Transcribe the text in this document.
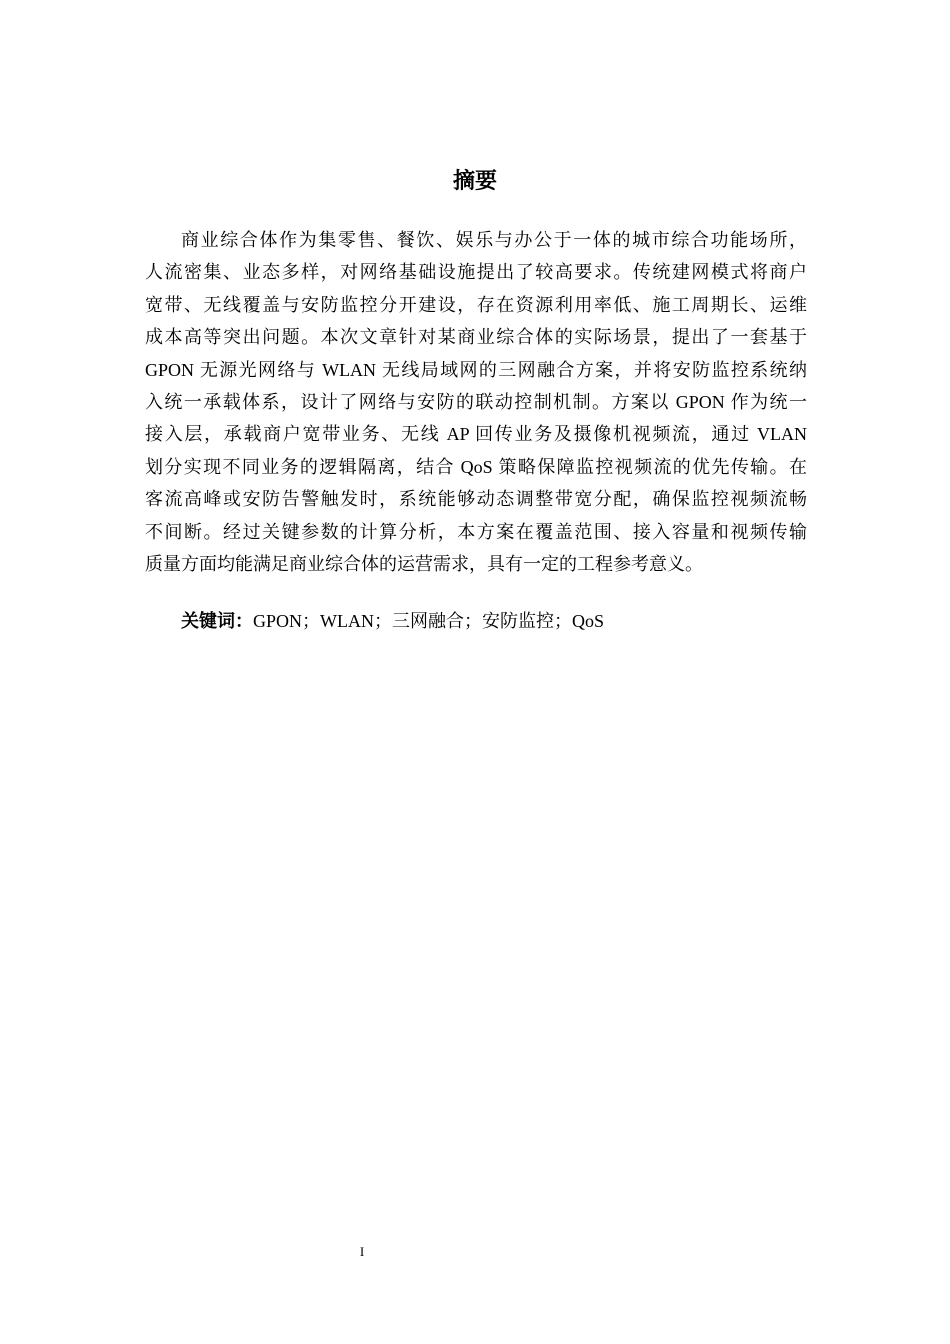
摘要
商业综合体作为集零售、餐饮、娱乐与办公于一体的城市综合功能场所，
人流密集、业态多样，对网络基础设施提出了较高要求。传统建网模式将商户
宽带、无线覆盖与安防监控分开建设，存在资源利用率低、施工周期长、运维
成本高等突出问题。本次文章针对某商业综合体的实际场景，提出了一套基于
GPON 无源光网络与 WLAN 无线局域网的三网融合方案，并将安防监控系统纳
入统一承载体系，设计了网络与安防的联动控制机制。方案以 GPON 作为统一
接入层，承载商户宽带业务、无线 AP 回传业务及摄像机视频流，通过 VLAN
划分实现不同业务的逻辑隔离，结合 QoS 策略保障监控视频流的优先传输。在
客流高峰或安防告警触发时，系统能够动态调整带宽分配，确保监控视频流畅
不间断。经过关键参数的计算分析，本方案在覆盖范围、接入容量和视频传输
质量方面均能满足商业综合体的运营需求，具有一定的工程参考意义。
关键词：GPON；WLAN；三网融合；安防监控；QoS
I
